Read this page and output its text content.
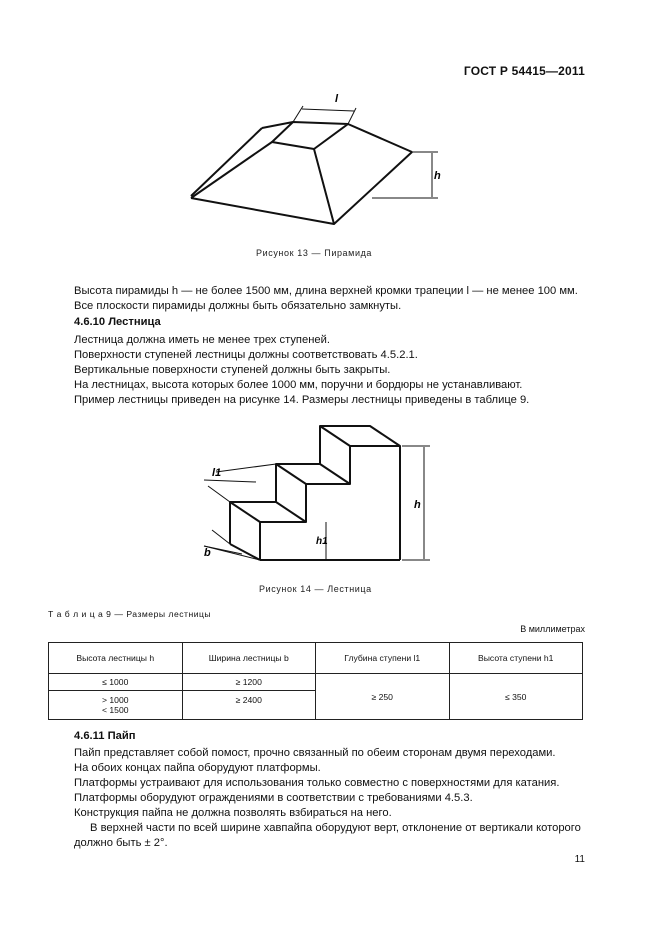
ГОСТ Р 54415—2011
l
h
Рисунок 13 — Пирамида
Высота пирамиды h — не более 1500 мм, длина верхней кромки трапеции l — не менее 100 мм.
Все плоскости пирамиды должны быть обязательно замкнуты.
4.6.10 Лестница
Лестница должна иметь не менее трех ступеней.
Поверхности ступеней лестницы должны соответствовать 4.5.2.1.
Вертикальные поверхности ступеней должны быть закрыты.
На лестницах, высота которых более 1000 мм, поручни и бордюры не устанавливают.
Пример лестницы приведен на рисунке 14. Размеры лестницы приведены в таблице 9.
l1
b
h1
h
Рисунок 14 — Лестница
Т а б л и ц а 9 — Размеры лестницы
В миллиметрах
Высота лестницы h	Ширина лестницы b	Глубина ступени l1	Высота ступени h1
≤ 1000	≥ 1200	≥ 250	≤ 350

> 1000
< 1500	≥ 2400		
4.6.11 Пайп
Пайп представляет собой помост, прочно связанный по обеим сторонам двумя переходами.
На обоих концах пайпа оборудуют платформы.
Платформы устраивают для использования только совместно с поверхностями для катания.
Платформы оборудуют ограждениями в соответствии с требованиями 4.5.3.
Конструкция пайпа не должна позволять взбираться на него.
В верхней части по всей ширине хавпайпа оборудуют верт, отклонение от вертикали которого
должно быть ± 2°.
11
